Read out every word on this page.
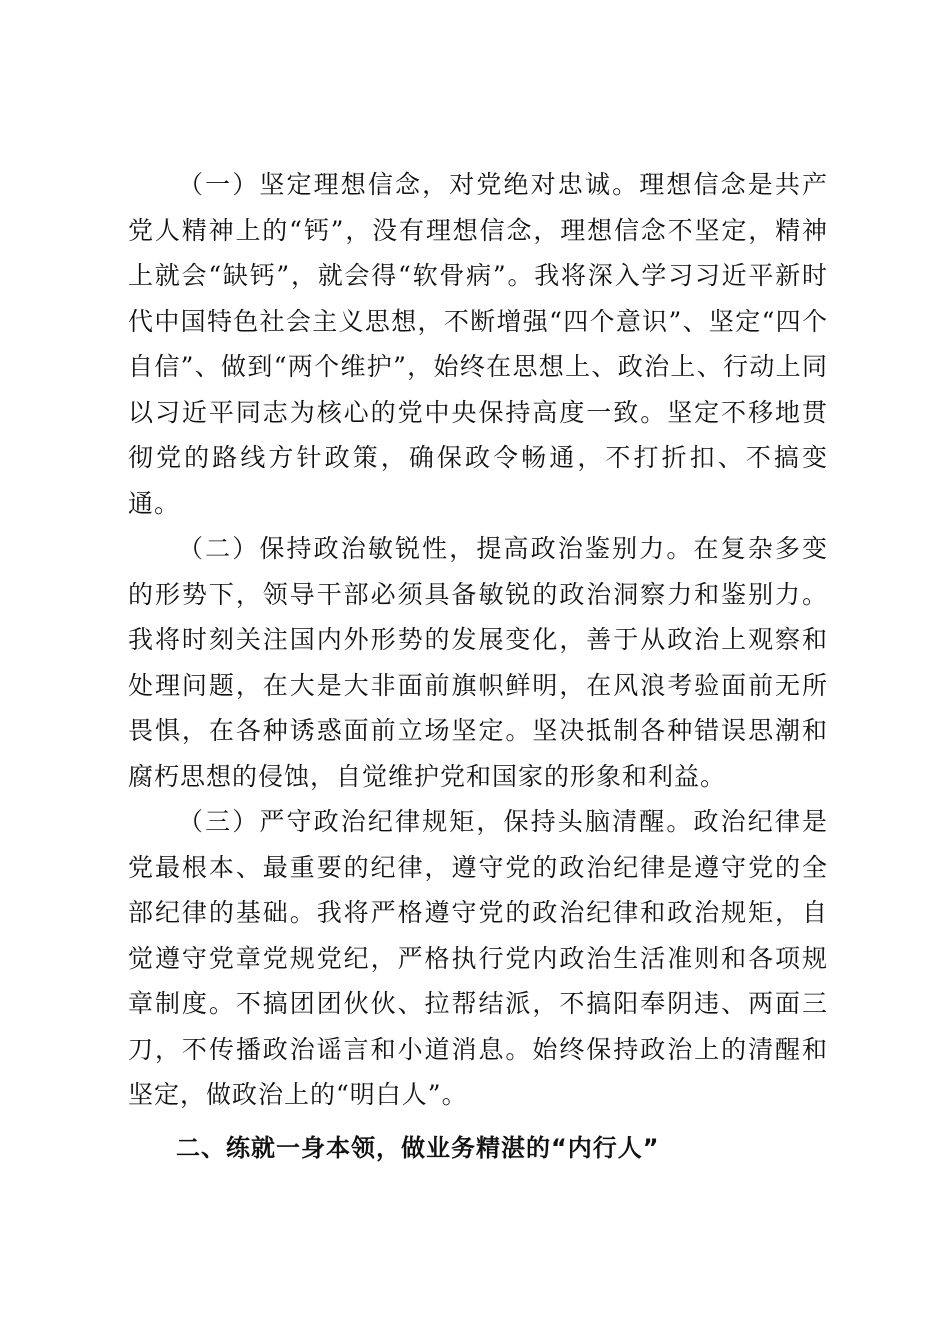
（一）坚定理想信念，对党绝对忠诚。理想信念是共产党人精神上的“钙”，没有理想信念，理想信念不坚定，精神上就会“缺钙”，就会得“软骨病”。我将深入学习习近平新时代中国特色社会主义思想，不断增强“四个意识”、坚定“四个自信”、做到“两个维护”，始终在思想上、政治上、行动上同以习近平同志为核心的党中央保持高度一致。坚定不移地贯彻党的路线方针政策，确保政令畅通，不打折扣、不搞变通。

（二）保持政治敏锐性，提高政治鉴别力。在复杂多变的形势下，领导干部必须具备敏锐的政治洞察力和鉴别力。我将时刻关注国内外形势的发展变化，善于从政治上观察和处理问题，在大是大非面前旗帜鲜明，在风浪考验面前无所畏惧，在各种诱惑面前立场坚定。坚决抵制各种错误思潮和腐朽思想的侵蚀，自觉维护党和国家的形象和利益。

（三）严守政治纪律规矩，保持头脑清醒。政治纪律是党最根本、最重要的纪律，遵守党的政治纪律是遵守党的全部纪律的基础。我将严格遵守党的政治纪律和政治规矩，自觉遵守党章党规党纪，严格执行党内政治生活准则和各项规章制度。不搞团团伙伙、拉帮结派，不搞阳奉阴违、两面三刀，不传播政治谣言和小道消息。始终保持政治上的清醒和坚定，做政治上的“明白人”。

二、练就一身本领，做业务精湛的“内行人”
